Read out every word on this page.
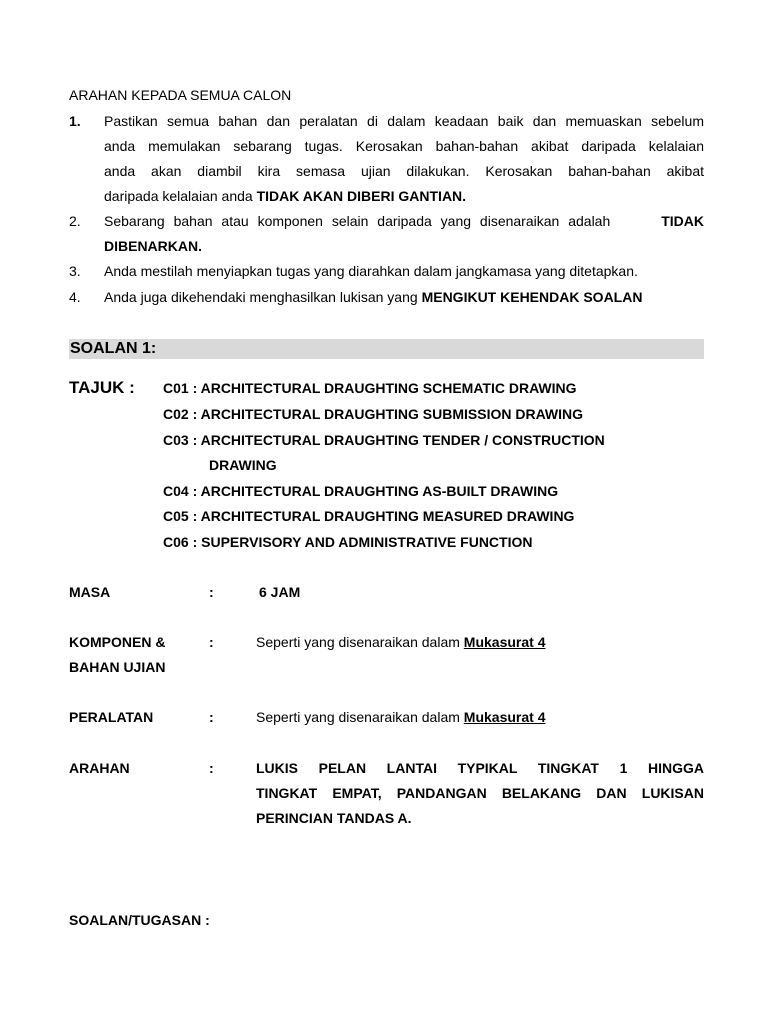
ARAHAN KEPADA SEMUA CALON
1. Pastikan semua bahan dan peralatan di dalam keadaan baik dan memuaskan sebelum
anda memulakan sebarang tugas. Kerosakan bahan-bahan akibat daripada kelalaian
anda akan diambil kira semasa ujian dilakukan. Kerosakan bahan-bahan akibat
daripada kelalaian anda TIDAK AKAN DIBERI GANTIAN.
2. Sebarang bahan atau komponen selain daripada yang disenaraikan adalah	TIDAK
DIBENARKAN.
3. Anda mestilah menyiapkan tugas yang diarahkan dalam jangkamasa yang ditetapkan.
4. Anda juga dikehendaki menghasilkan lukisan yang MENGIKUT KEHENDAK SOALAN
SOALAN 1:
TAJUK : C01 : ARCHITECTURAL DRAUGHTING SCHEMATIC DRAWING
C02 : ARCHITECTURAL DRAUGHTING SUBMISSION DRAWING
C03 : ARCHITECTURAL DRAUGHTING TENDER / CONSTRUCTION
DRAWING
C04 : ARCHITECTURAL DRAUGHTING AS-BUILT DRAWING
C05 : ARCHITECTURAL DRAUGHTING MEASURED DRAWING
C06 : SUPERVISORY AND ADMINISTRATIVE FUNCTION
MASA	:	6 JAM
KOMPONEN &
BAHAN UJIAN
:	Seperti yang disenaraikan dalam Mukasurat 4
PERALATAN	:	Seperti yang disenaraikan dalam Mukasurat 4
ARAHAN	:	LUKIS PELAN LANTAI TYPIKAL TINGKAT 1 HINGGA
TINGKAT EMPAT, PANDANGAN BELAKANG DAN LUKISAN
PERINCIAN TANDAS A.
SOALAN/TUGASAN :
